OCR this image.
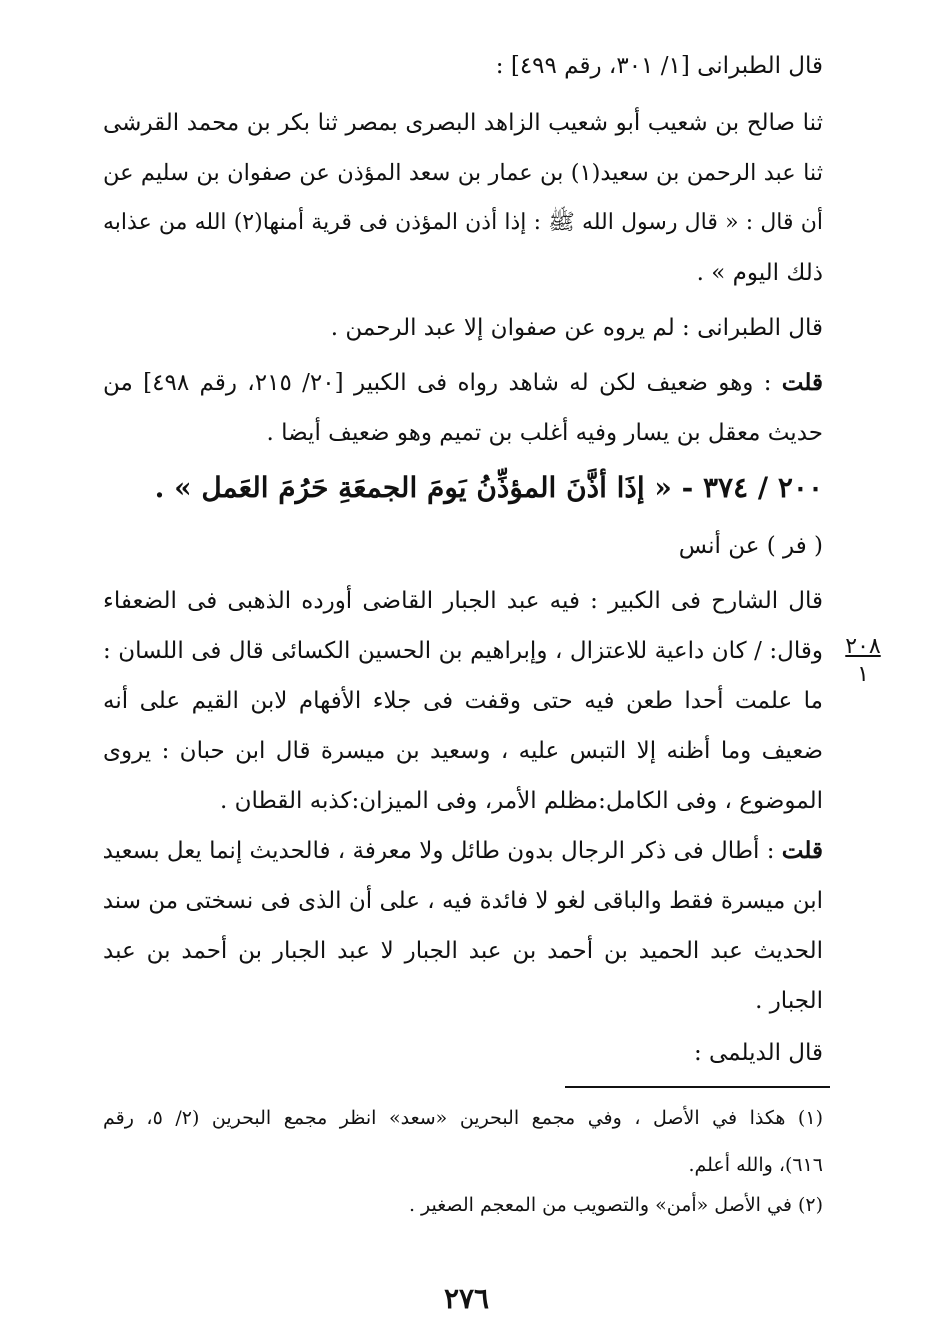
قال الطبرانى [١/ ٣٠١، رقم ٤٩٩] :
ثنا صالح بن شعيب أبو شعيب الزاهد البصرى بمصر ثنا بكر بن محمد القرشى
ثنا عبد الرحمن بن سعيد(١) بن عمار بن سعد المؤذن عن صفوان بن سليم عن
أن قال : « قال رسول الله ﷺ : إذا أذن المؤذن فى قرية أمنها(٢) الله من عذابه
ذلك اليوم » .
قال الطبرانى : لم يروه عن صفوان إلا عبد الرحمن .
قلت : وهو ضعيف لكن له شاهد رواه فى الكبير [٢٠/ ٢١٥، رقم ٤٩٨] من
حديث معقل بن يسار وفيه أغلب بن تميم وهو ضعيف أيضا .
٢٠٠ / ٣٧٤ - « إذَا أذَّنَ المؤذِّنُ يَومَ الجمعَةِ حَرُمَ العَمل » .
( فر ) عن أنس
قال الشارح فى الكبير : فيه عبد الجبار القاضى أورده الذهبى فى الضعفاء
وقال: / كان داعية للاعتزال ، وإبراهيم بن الحسين الكسائى قال فى اللسان :
ما علمت أحدا طعن فيه حتى وقفت فى جلاء الأفهام لابن القيم على أنه
ضعيف وما أظنه إلا التبس عليه ، وسعيد بن ميسرة قال ابن حبان : يروى
الموضوع ، وفى الكامل:مظلم الأمر، وفى الميزان:كذبه القطان .
قلت : أطال فى ذكر الرجال بدون طائل ولا معرفة ، فالحديث إنما يعل بسعيد
ابن ميسرة فقط والباقى لغو لا فائدة فيه ، على أن الذى فى نسختى من سند
الحديث عبد الحميد بن أحمد بن عبد الجبار لا عبد الجبار بن أحمد بن عبد
الجبار .
قال الديلمى :
٢٠٨
١
(١) هكذا في الأصل ، وفي مجمع البحرين «سعد» انظر مجمع البحرين (٢/ ٥، رقم
٦١٦)، والله أعلم.
(٢) في الأصل «أمن» والتصويب من المعجم الصغير .
٢٧٦
